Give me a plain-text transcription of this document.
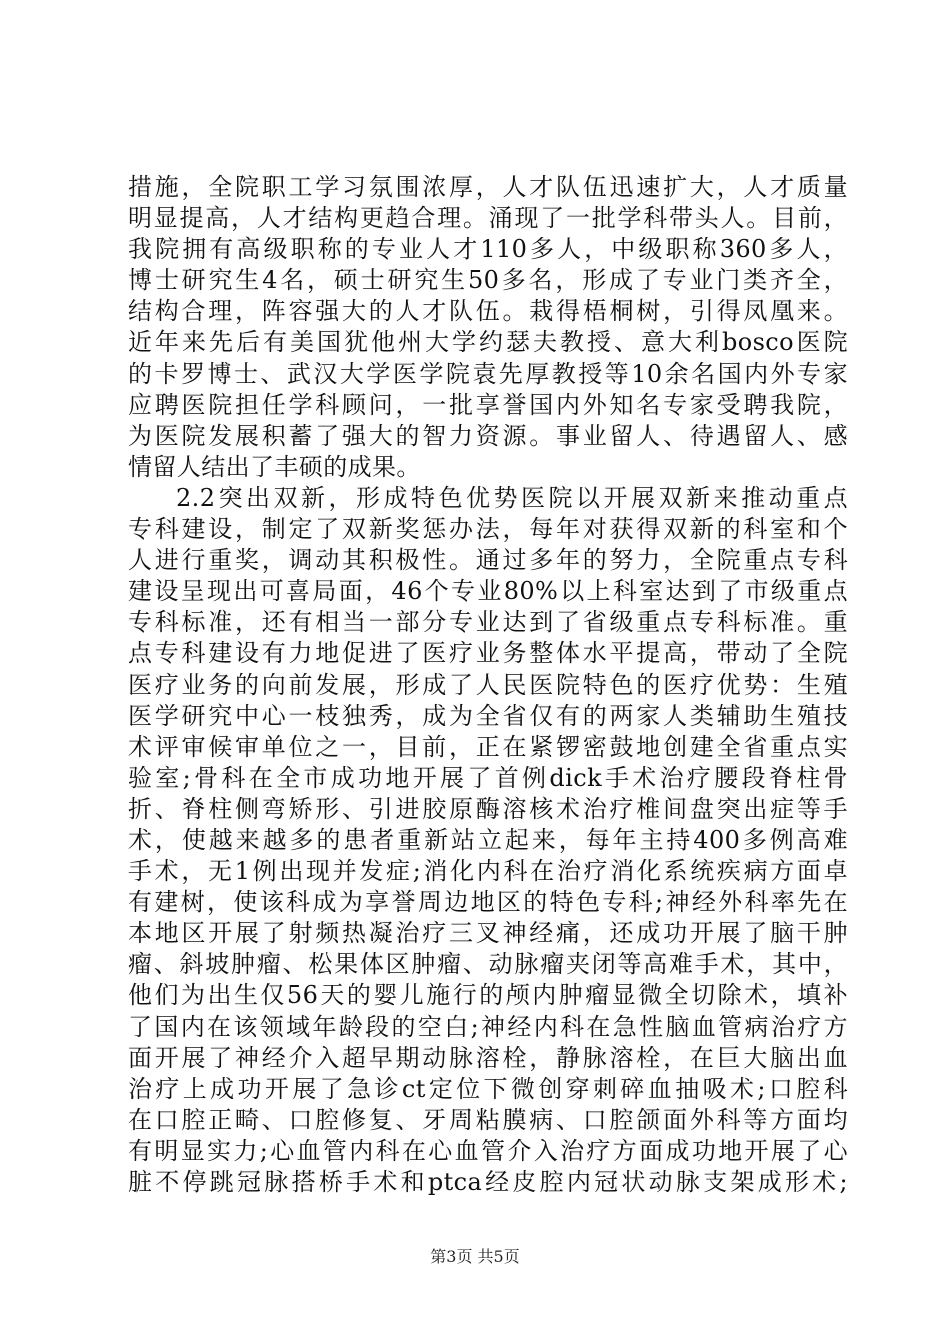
措施，全院职工学习氛围浓厚，人才队伍迅速扩大，人才质量
明显提高，人才结构更趋合理。涌现了一批学科带头人。目前，
我院拥有高级职称的专业人才110多人，中级职称360多人，
博士研究生4名，硕士研究生50多名，形成了专业门类齐全，
结构合理，阵容强大的人才队伍。栽得梧桐树，引得凤凰来。
近年来先后有美国犹他州大学约瑟夫教授、意大利bosco医院
的卡罗博士、武汉大学医学院袁先厚教授等10余名国内外专家
应聘医院担任学科顾问，一批享誉国内外知名专家受聘我院，
为医院发展积蓄了强大的智力资源。事业留人、待遇留人、感
情留人结出了丰硕的成果。
2.2突出双新，形成特色优势医院以开展双新来推动重点
专科建设，制定了双新奖惩办法，每年对获得双新的科室和个
人进行重奖，调动其积极性。通过多年的努力，全院重点专科
建设呈现出可喜局面，46个专业80%以上科室达到了市级重点
专科标准，还有相当一部分专业达到了省级重点专科标准。重
点专科建设有力地促进了医疗业务整体水平提高，带动了全院
医疗业务的向前发展，形成了人民医院特色的医疗优势：生殖
医学研究中心一枝独秀，成为全省仅有的两家人类辅助生殖技
术评审候审单位之一，目前，正在紧锣密鼓地创建全省重点实
验室;骨科在全市成功地开展了首例dick手术治疗腰段脊柱骨
折、脊柱侧弯矫形、引进胶原酶溶核术治疗椎间盘突出症等手
术，使越来越多的患者重新站立起来，每年主持400多例高难
手术，无1例出现并发症;消化内科在治疗消化系统疾病方面卓
有建树，使该科成为享誉周边地区的特色专科;神经外科率先在
本地区开展了射频热凝治疗三叉神经痛，还成功开展了脑干肿
瘤、斜坡肿瘤、松果体区肿瘤、动脉瘤夹闭等高难手术，其中，
他们为出生仅56天的婴儿施行的颅内肿瘤显微全切除术，填补
了国内在该领域年龄段的空白;神经内科在急性脑血管病治疗方
面开展了神经介入超早期动脉溶栓，静脉溶栓，在巨大脑出血
治疗上成功开展了急诊ct定位下微创穿刺碎血抽吸术;口腔科
在口腔正畸、口腔修复、牙周粘膜病、口腔颌面外科等方面均
有明显实力;心血管内科在心血管介入治疗方面成功地开展了心
脏不停跳冠脉搭桥手术和ptca经皮腔内冠状动脉支架成形术;
第3页 共5页
